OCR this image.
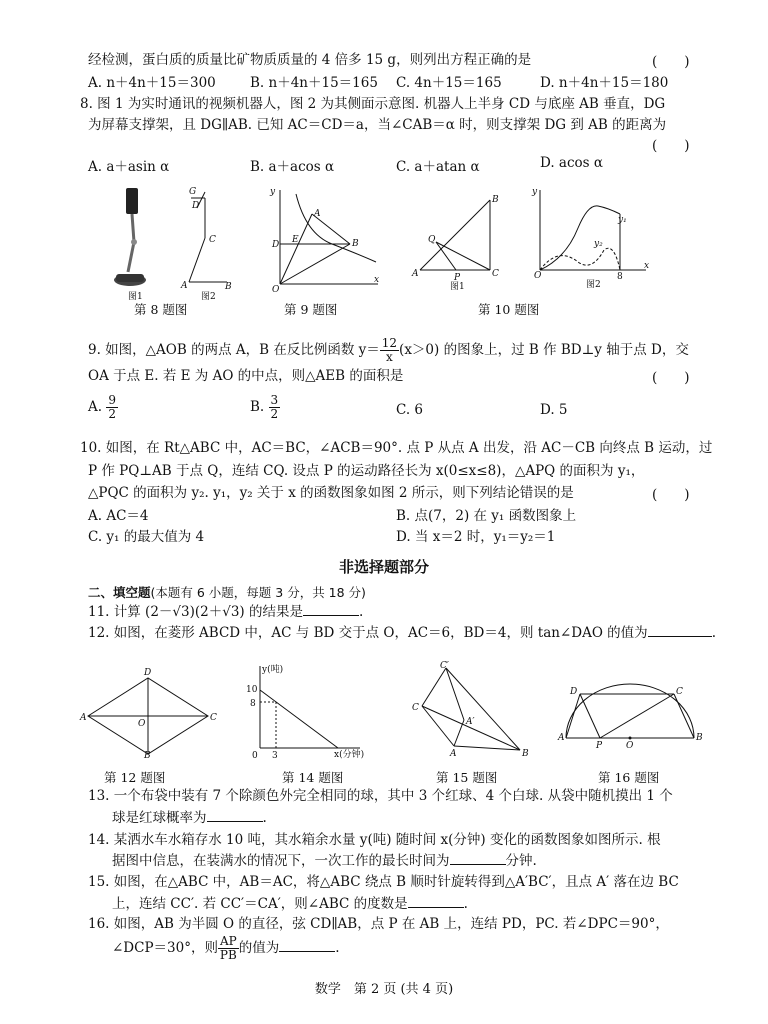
经检测，蛋白质的质量比矿物质质量的 4 倍多 15 g，则列出方程正确的是	(　　)
A. n＋4n＋15＝300	B. n＋4n＋15＝165 C. 4n＋15＝165	D. n＋4n＋15＝180
8. 图 1 为实时通讯的视频机器人，图 2 为其侧面示意图. 机器人上半身 CD 与底座 AB 垂直，DG
为屏幕支撑架，且 DG∥AB. 已知 AC＝CD＝a，当∠CAB＝α 时，则支撑架 DG 到 AB 的距离为
(　　)
A. a＋asin α	B. a＋acos α	C. a＋atan α	D. acos α
图1
G
D
C
A	B
图2
x
y
O
A
B
D E
A	C
B
Q
P
图1
x
y
O
y₁
y₂
8
图2
第 8 题图	第 9 题图	第 10 题图
9. 如图，△AOB 的两点 A，B 在反比例函数 $y= \frac{12}{x}(x>0)$ 的图象上，过 B 作 BD⊥y 轴于点 D，交
OA 于点 E. 若 E 为 AO 的中点，则△AEB 的面积是	(　　)
A. $\frac{9}{2}$	B. $\frac{3}{2}$	C. 6	D. 5
10. 如图，在 Rt△ABC 中，AC＝BC，∠ACB＝90°. 点 P 从点 A 出发，沿 AC－CB 向终点 B 运动，过
P 作 PQ⊥AB 于点 Q，连结 CQ. 设点 P 的运动路径长为 x(0≤x≤8)，△APQ 的面积为 y₁，
△PQC 的面积为 y₂. y₁，y₂ 关于 x 的函数图象如图 2 所示，则下列结论错误的是	(　　)
A. AC＝4	B. 点(7，2) 在 y₁ 函数图象上
C. y₁ 的最大值为 4	D. 当 x＝2 时，y₁＝y₂＝1
非选择题部分
二、填空题(本题有 6 小题，每题 3 分，共 18 分)
11. 计算 (2－√3)(2＋√3) 的结果是	.
12. 如图，在菱形 ABCD 中，AC 与 BD 交于点 O，AC＝6，BD＝4，则 tan∠DAO 的值为	.
A	C
D
B
O
y(吨)
x(分钟)
10
8
3
0
C′
C
A′
A	B
D	C
A	B
P	O
第 12 题图	第 14 题图	第 15 题图	第 16 题图
13. 一个布袋中装有 7 个除颜色外完全相同的球，其中 3 个红球、4 个白球. 从袋中随机摸出 1 个
球是红球概率为	.
14. 某洒水车水箱存水 10 吨，其水箱余水量 y(吨) 随时间 x(分钟) 变化的函数图象如图所示. 根
据图中信息，在装满水的情况下，一次工作的最长时间为	分钟.
15. 如图，在△ABC 中，AB＝AC，将△ABC 绕点 B 顺时针旋转得到△A′BC′，且点 A′ 落在边 BC
上，连结 CC′. 若 CC′＝CA′，则∠ABC 的度数是	.
16. 如图，AB 为半圆 O 的直径，弦 CD∥AB，点 P 在 AB 上，连结 PD，PC. 若∠DPC＝90°，
∠DCP＝30°，则 $\frac{AP}{PB}$的值为	.
数学　第 2 页 (共 4 页)
